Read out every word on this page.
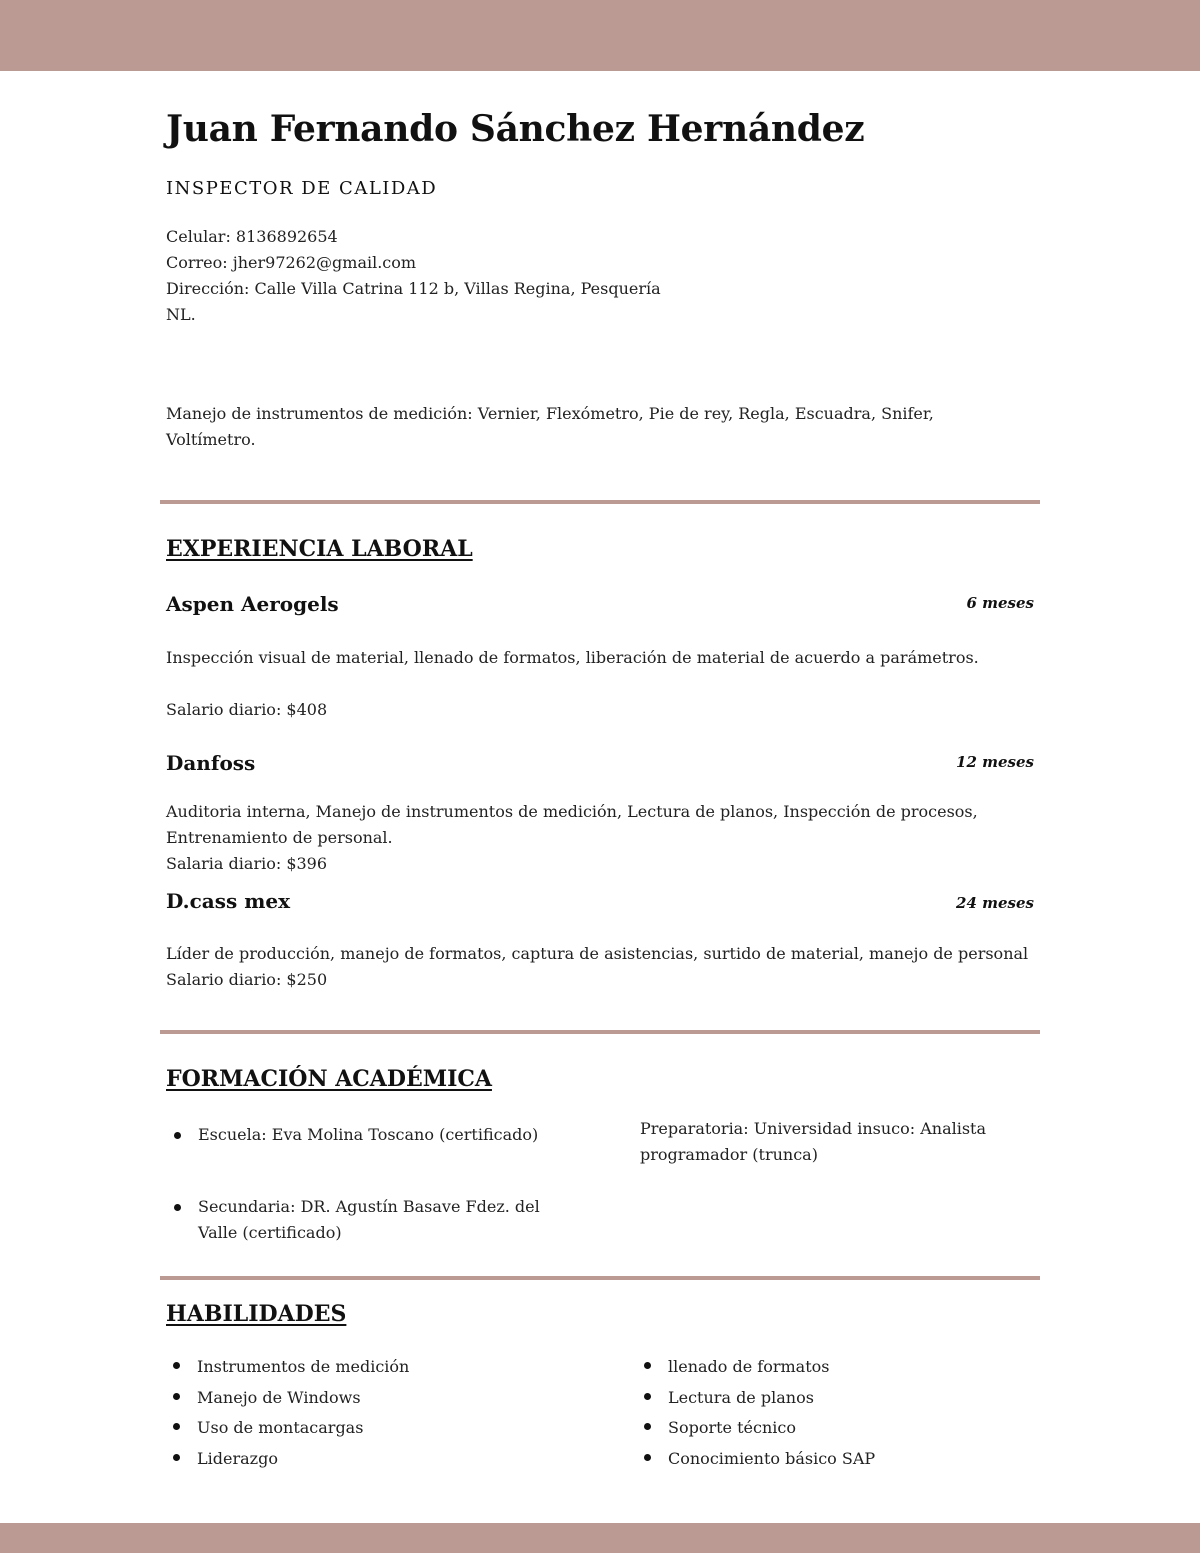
Juan Fernando Sánchez Hernández
INSPECTOR DE CALIDAD
Celular: 8136892654
Correo: jher97262@gmail.com
Dirección: Calle Villa Catrina 112 b, Villas Regina, Pesquería
NL.
Manejo de instrumentos de medición: Vernier, Flexómetro, Pie de rey, Regla, Escuadra, Snifer,
Voltímetro.
EXPERIENCIA LABORAL
Aspen Aerogels	6 meses
Inspección visual de material, llenado de formatos, liberación de material de acuerdo a parámetros.
Salario diario: $408
Danfoss	12 meses
Auditoria interna, Manejo de instrumentos de medición, Lectura de planos, Inspección de procesos,
Entrenamiento de personal.
Salaria diario: $396
D.cass mex	24 meses
Líder de producción, manejo de formatos, captura de asistencias, surtido de material, manejo de personal
Salario diario: $250
FORMACIÓN ACADÉMICA
Escuela: Eva Molina Toscano (certificado)
Secundaria: DR. Agustín Basave Fdez. del
Valle (certificado)
Preparatoria: Universidad insuco: Analista
programador (trunca)
HABILIDADES
Instrumentos de medición
Manejo de Windows
Uso de montacargas
Liderazgo
llenado de formatos
Lectura de planos
Soporte técnico
Conocimiento básico SAP
